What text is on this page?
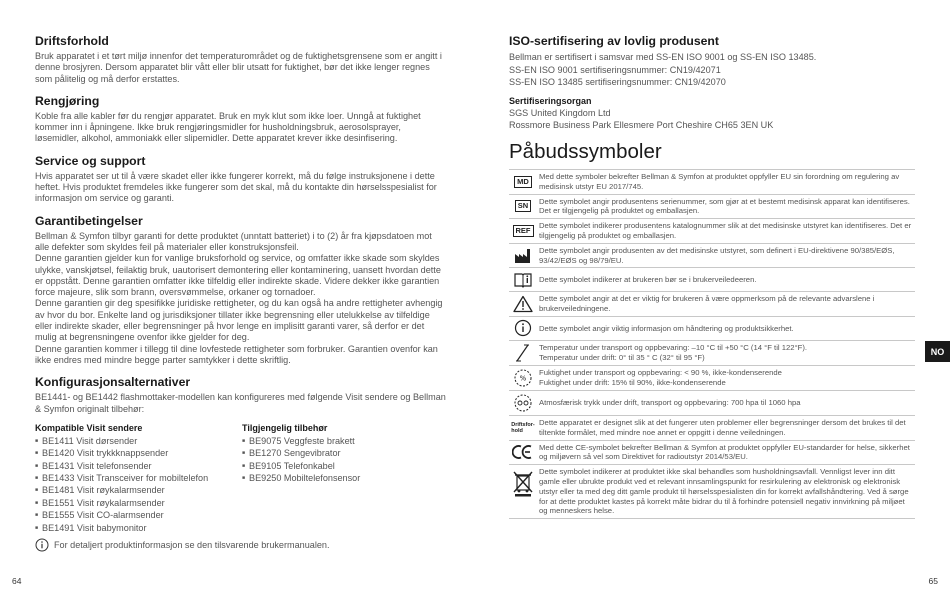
Driftsforhold
Bruk apparatet i et tørt miljø innenfor det temperaturområdet og de fuktighetsgrensene som er angitt i denne brosjyren. Dersom apparatet blir vått eller blir utsatt for fuktighet, bør det ikke lenger regnes som pålitelig og må derfor erstattes.
Rengjøring
Koble fra alle kabler før du rengjør apparatet. Bruk en myk klut som ikke loer. Unngå at fuktighet kommer inn i åpningene. Ikke bruk rengjøringsmidler for husholdningsbruk, aerosolsprayer, løsemidler, alkohol, ammoniakk eller slipemidler. Dette apparatet krever ikke desinfisering.
Service og support
Hvis apparatet ser ut til å være skadet eller ikke fungerer korrekt, må du følge instruksjonene i dette heftet. Hvis produktet fremdeles ikke fungerer som det skal, må du kontakte din hørselsspesialist for informasjon om service og garanti.
Garantibetingelser
Bellman & Symfon tilbyr garanti for dette produktet (unntatt batteriet) i to (2) år fra kjøpsdatoen mot alle defekter som skyldes feil på materialer eller konstruksjonsfeil.
Denne garantien gjelder kun for vanlige bruksforhold og service, og omfatter ikke skade som skyldes ulykke, vanskjøtsel, feilaktig bruk, uautorisert demontering eller kontaminering, uansett hvordan dette er oppstått. Denne garantien omfatter ikke tilfeldig eller indirekte skade. Videre dekker ikke garantien force majeure, slik som brann, oversvømmelse, orkaner og tornadoer.
Denne garantien gir deg spesifikke juridiske rettigheter, og du kan også ha andre rettigheter avhengig av hvor du bor. Enkelte land og jurisdiksjoner tillater ikke begrensning eller utelukkelse av tilfeldige eller indirekte skader, eller begrensninger på hvor lenge en implisitt garanti varer, så derfor er det mulig at begrensningene ovenfor ikke gjelder for deg.
Denne garantien kommer i tillegg til dine lovfestede rettigheter som forbruker. Garantien ovenfor kan ikke endres med mindre begge parter samtykker i dette skriftlig.
Konfigurasjonsalternativer
BE1441- og BE1442 flashmottaker-modellen kan konfigureres med følgende Visit sendere og Bellman & Symfon originalt tilbehør:
Kompatible Visit sendere
■ BE1411 Visit dørsender
■ BE1420 Visit trykkknappsender
■ BE1431 Visit telefonsender
■ BE1433 Visit Transceiver for mobiltelefon
■ BE1481 Visit røykalarmsender
■ BE1551 Visit røykalarmsender
■ BE1555 Visit CO-alarmsender
■ BE1491 Visit babymonitor
Tilgjengelig tilbehør
■ BE9075 Veggfeste brakett
■ BE1270 Sengevibrator
■ BE9105 Telefonkabel
■ BE9250 Mobiltelefonsensor
For detaljert produktinformasjon se den tilsvarende brukermanualen.
64
ISO-sertifisering av lovlig produsent
Bellman er sertifisert i samsvar med SS-EN ISO 9001 og SS-EN ISO 13485.
SS-EN ISO 9001 sertifiseringsnummer: CN19/42071
SS-EN ISO 13485 sertifiseringsnummer: CN19/42070
Sertifiseringsorgan
SGS United Kingdom Ltd
Rossmore Business Park Ellesmere Port Cheshire CH65 3EN UK
Påbudssymboler
MD
Med dette symboler bekrefter Bellman & Symfon at produktet oppfyller EU sin forordning om regulering av medisinsk utstyr EU 2017/745.
SN
Dette symbolet angir produsentens serienummer, som gjør at et bestemt medisinsk apparat kan identifiseres. Det er tilgjengelig på produktet og emballasjen.
REF
Dette symbolet indikerer produsentens katalognummer slik at det medisinske utstyret kan identifiseres. Det er tilgjengelig på produktet og emballasjen.
Dette symbolet angir produsenten av det medisinske utstyret, som definert i EU-direktivene 90/385/EØS, 93/42/EØS og 98/79/EU.
Dette symbolet indikerer at brukeren bør se i brukerveiledeeren.
Dette symbolet angir at det er viktig for brukeren å være oppmerksom på de relevante advarslene i brukerveiledningene.
Dette symbolet angir viktig informasjon om håndtering og produktsikkerhet.
Temperatur under transport og oppbevaring: –10 °C til +50 °C (14 °F til 122°F).
Temperatur under drift: 0° til 35 ° C (32° til 95 °F)
%
Fuktighet under transport og oppbevaring: < 90 %, ikke-kondenserende
Fuktighet under drift: 15% til 90%, ikke-kondenserende
Atmosfærisk trykk under drift, transport og oppbevaring: 700 hpa til 1060 hpa
Driftsfor-
hold
Dette apparatet er designet slik at det fungerer uten problemer eller begrensninger dersom det brukes til det tiltenkte formålet, med mindre noe annet er oppgitt i denne veiledningen.
Med dette CE-symbolet bekrefter Bellman & Symfon at produktet oppfyller EU-standarder for helse, sikkerhet og miljøvern så vel som Direktivet for radioutstyr 2014/53/EU.
Dette symbolet indikerer at produktet ikke skal behandles som husholdningsavfall. Vennligst lever inn ditt gamle eller ubrukte produkt ved et relevant innsamlingspunkt for resirkulering av elektronisk og elektronisk utstyr eller ta med deg ditt gamle produkt til hørselsspesialisten din for korrekt avfallshåndtering. Ved å sørge for at dette produktet kastes på korrekt måte bidrar du til å forhindre potensiell negativ innvirkning på miljøet og menneskers helse.
NO
65
